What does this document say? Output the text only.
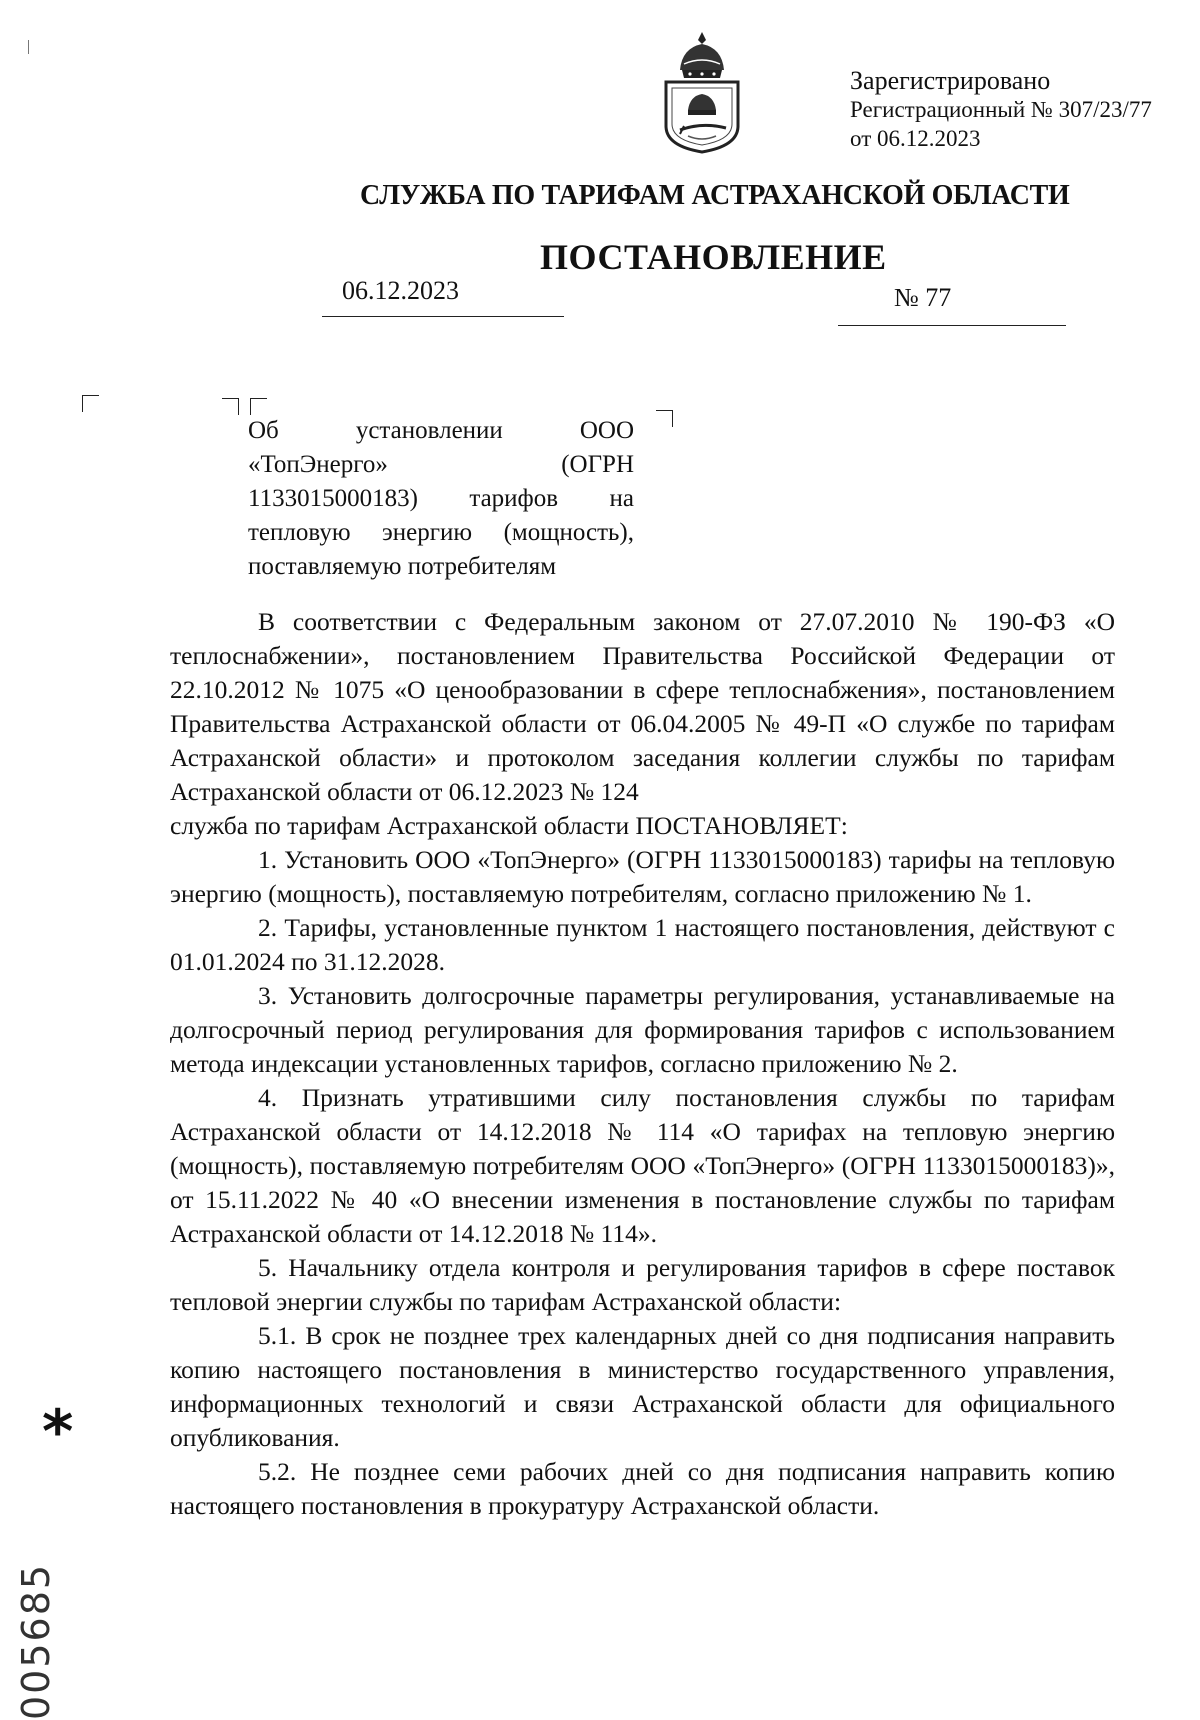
Зарегистрировано
Регистрационный № 307/23/77
от 06.12.2023
СЛУЖБА ПО ТАРИФАМ АСТРАХАНСКОЙ ОБЛАСТИ
ПОСТАНОВЛЕНИЕ
06.12.2023	№ 77
Об установлении ООО
«ТопЭнерго» (ОГРН
1133015000183) тарифов на
тепловую энергию (мощность),
поставляемую потребителям

В соответствии с Федеральным законом от 27.07.2010 № 190-ФЗ «О теплоснабжении», постановлением Правительства Российской Федерации от 22.10.2012 № 1075 «О ценообразовании в сфере теплоснабжения», постановлением Правительства Астраханской области от 06.04.2005 № 49-П «О службе по тарифам Астраханской области» и протоколом заседания коллегии службы по тарифам Астраханской области от 06.12.2023 № 124

служба по тарифам Астраханской области ПОСТАНОВЛЯЕТ:

1. Установить ООО «ТопЭнерго» (ОГРН 1133015000183) тарифы на тепловую энергию (мощность), поставляемую потребителям, согласно приложению № 1.

2. Тарифы, установленные пунктом 1 настоящего постановления, действуют с 01.01.2024 по 31.12.2028.

3. Установить долгосрочные параметры регулирования, устанавливаемые на долгосрочный период регулирования для формирования тарифов с использованием метода индексации установленных тарифов, согласно приложению № 2.

4. Признать утратившими силу постановления службы по тарифам Астраханской области от 14.12.2018 № 114 «О тарифах на тепловую энергию (мощность), поставляемую потребителям ООО «ТопЭнерго» (ОГРН 1133015000183)», от 15.11.2022 № 40 «О внесении изменения в постановление службы по тарифам Астраханской области от 14.12.2018 № 114».

5. Начальнику отдела контроля и регулирования тарифов в сфере поставок тепловой энергии службы по тарифам Астраханской области:

5.1. В срок не позднее трех календарных дней со дня подписания направить копию настоящего постановления в министерство государственного управления, информационных технологий и связи Астраханской области для официального опубликования.

5.2. Не позднее семи рабочих дней со дня подписания направить копию настоящего постановления в прокуратуру Астраханской области.

*
005685
